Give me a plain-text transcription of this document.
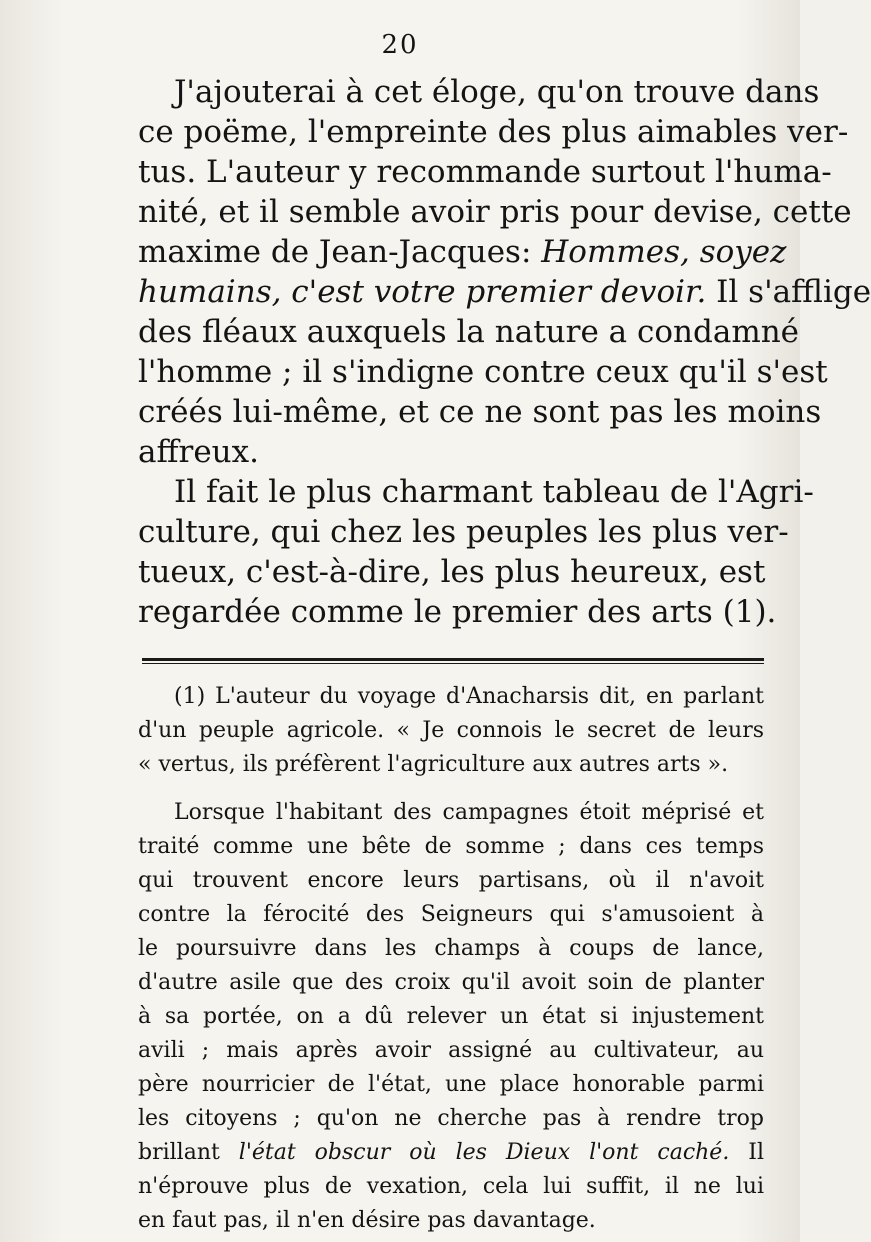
20
J'ajouterai à cet éloge, qu'on trouve dans
ce poëme, l'empreinte des plus aimables ver-
tus. L'auteur y recommande surtout l'huma-
nité, et il semble avoir pris pour devise, cette
maxime de Jean-Jacques: Hommes, soyez
humains, c'est votre premier devoir. Il s'afflige
des fléaux auxquels la nature a condamné
l'homme ; il s'indigne contre ceux qu'il s'est
créés lui-même, et ce ne sont pas les moins
affreux.
Il fait le plus charmant tableau de l'Agri-
culture, qui chez les peuples les plus ver-
tueux, c'est-à-dire, les plus heureux, est
regardée comme le premier des arts (1).
(1) L'auteur du voyage d'Anacharsis dit, en parlant
d'un peuple agricole. « Je connois le secret de leurs
« vertus, ils préfèrent l'agriculture aux autres arts ».
Lorsque l'habitant des campagnes étoit méprisé et
traité comme une bête de somme ; dans ces temps
qui trouvent encore leurs partisans, où il n'avoit
contre la férocité des Seigneurs qui s'amusoient à
le poursuivre dans les champs à coups de lance,
d'autre asile que des croix qu'il avoit soin de planter
à sa portée, on a dû relever un état si injustement
avili ; mais après avoir assigné au cultivateur, au
père nourricier de l'état, une place honorable parmi
les citoyens ; qu'on ne cherche pas à rendre trop
brillant l'état obscur où les Dieux l'ont caché. Il
n'éprouve plus de vexation, cela lui suffit, il ne lui
en faut pas, il n'en désire pas davantage.
